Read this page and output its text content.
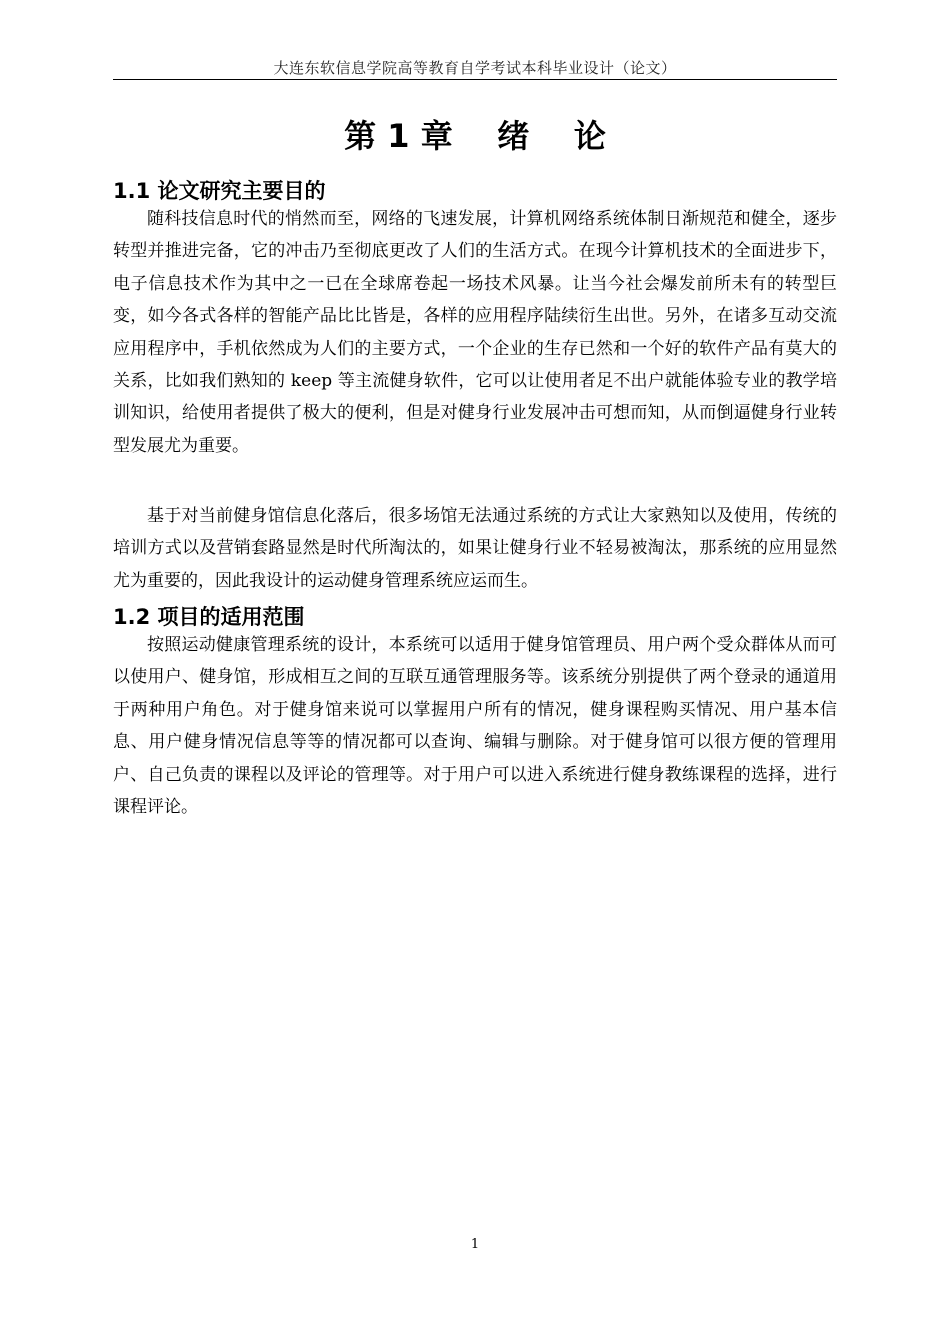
大连东软信息学院高等教育自学考试本科毕业设计（论文）
第 1 章    绪    论
1.1 论文研究主要目的

随科技信息时代的悄然而至，网络的飞速发展，计算机网络系统体制日渐规范和健全，逐步转型并推进完备，它的冲击乃至彻底更改了人们的生活方式。在现今计算机技术的全面进步下，电子信息技术作为其中之一已在全球席卷起一场技术风暴。让当今社会爆发前所未有的转型巨变，如今各式各样的智能产品比比皆是，各样的应用程序陆续衍生出世。另外，在诸多互动交流应用程序中，手机依然成为人们的主要方式，一个企业的生存已然和一个好的软件产品有莫大的关系，比如我们熟知的 keep 等主流健身软件，它可以让使用者足不出户就能体验专业的教学培训知识，给使用者提供了极大的便利，但是对健身行业发展冲击可想而知，从而倒逼健身行业转型发展尤为重要。

基于对当前健身馆信息化落后，很多场馆无法通过系统的方式让大家熟知以及使用，传统的培训方式以及营销套路显然是时代所淘汰的，如果让健身行业不轻易被淘汰，那系统的应用显然尤为重要的，因此我设计的运动健身管理系统应运而生。

1.2 项目的适用范围

按照运动健康管理系统的设计，本系统可以适用于健身馆管理员、用户两个受众群体从而可以使用户、健身馆，形成相互之间的互联互通管理服务等。该系统分别提供了两个登录的通道用于两种用户角色。对于健身馆来说可以掌握用户所有的情况，健身课程购买情况、用户基本信息、用户健身情况信息等等的情况都可以查询、编辑与删除。对于健身馆可以很方便的管理用户、自己负责的课程以及评论的管理等。对于用户可以进入系统进行健身教练课程的选择，进行课程评论。

1
